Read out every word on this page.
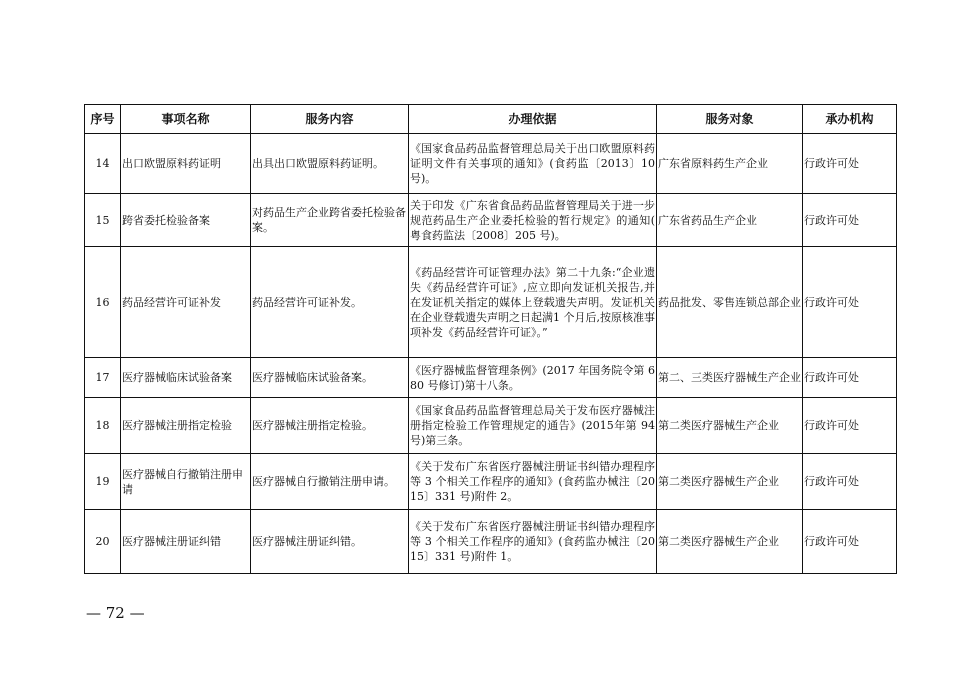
序号	事项名称	服务内容	办理依据	服务对象	承办机构
14	出口欧盟原料药证明	出具出口欧盟原料药证明。	《国家食品药品监督管理总局关于出口欧盟原料药证明文件有关事项的通知》(食药监〔2013〕10 号)。	广东省原料药生产企业	行政许可处
15	跨省委托检验备案	对药品生产企业跨省委托检验备案。	关于印发《广东省食品药品监督管理局关于进一步规范药品生产企业委托检验的暂行规定》的通知( 粤食药监法〔2008〕205 号)。	广东省药品生产企业	行政许可处
16	药品经营许可证补发	药品经营许可证补发。	《药品经营许可证管理办法》第二十九条:“企业遗失《药品经营许可证》,应立即向发证机关报告,并在发证机关指定的媒体上登载遗失声明。发证机关在企业登载遗失声明之日起满1 个月后,按原核准事项补发《药品经营许可证》。”	药品批发、零售连锁总部企业	行政许可处
17	医疗器械临床试验备案	医疗器械临床试验备案。	《医疗器械监督管理条例》(2017 年国务院令第 680 号修订)第十八条。	第二、三类医疗器械生产企业	行政许可处
18	医疗器械注册指定检验	医疗器械注册指定检验。	《国家食品药品监督管理总局关于发布医疗器械注册指定检验工作管理规定的通告》(2015年第 94 号)第三条。	第二类医疗器械生产企业	行政许可处
19	医疗器械自行撤销注册申请	医疗器械自行撤销注册申请。	《关于发布广东省医疗器械注册证书纠错办理程序等 3 个相关工作程序的通知》(食药监办械注〔2015〕331 号)附件 2。	第二类医疗器械生产企业	行政许可处
20	医疗器械注册证纠错	医疗器械注册证纠错。	《关于发布广东省医疗器械注册证书纠错办理程序等 3 个相关工作程序的通知》(食药监办械注〔2015〕331 号)附件 1。	第二类医疗器械生产企业	行政许可处
— 72 —
